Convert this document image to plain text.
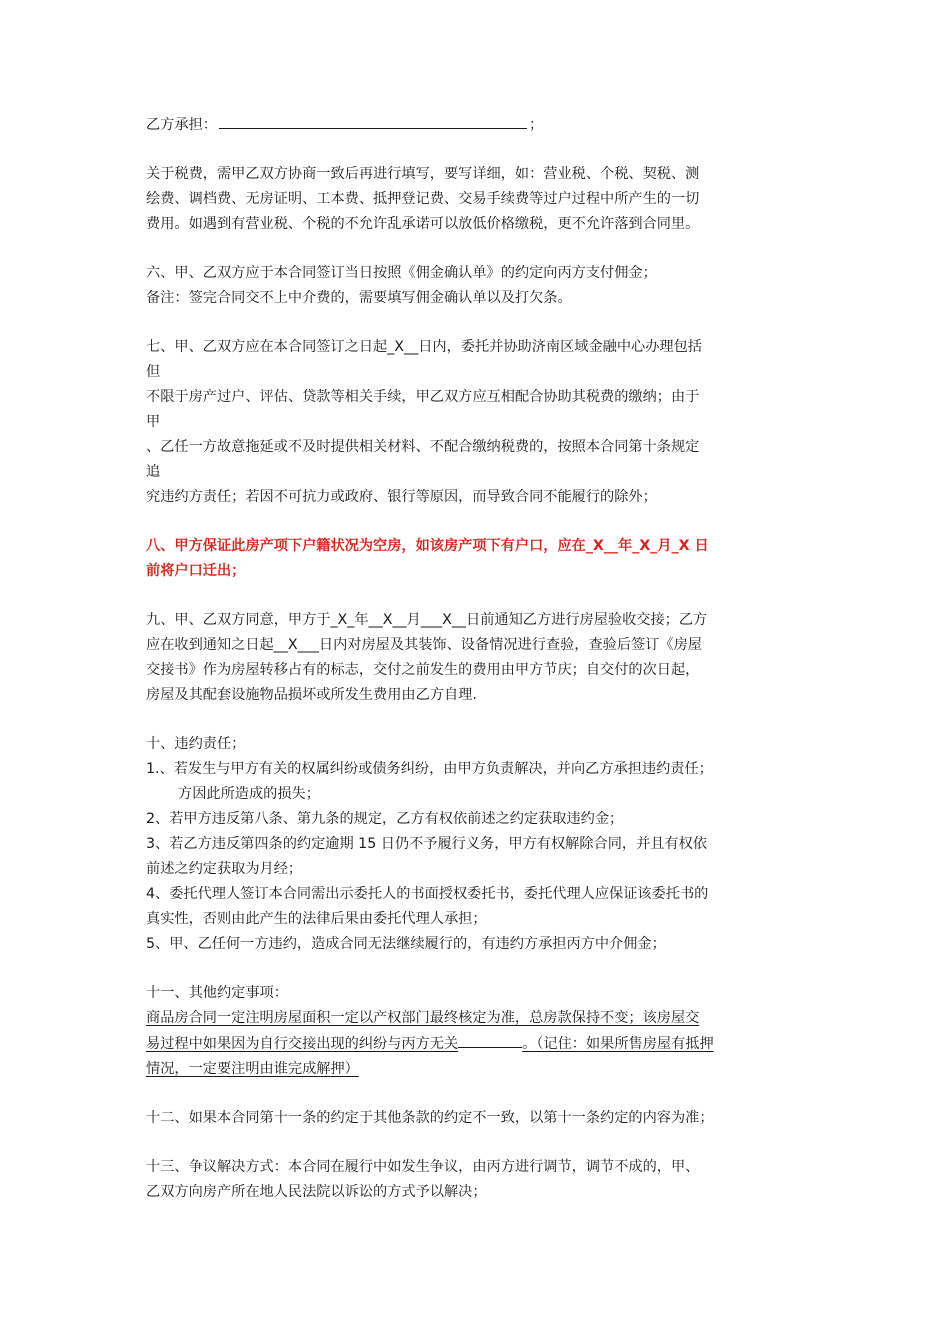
乙方承担：	；
关于税费，需甲乙双方协商一致后再进行填写，要写详细，如：营业税、个税、契税、测
绘费、调档费、无房证明、工本费、抵押登记费、交易手续费等过户过程中所产生的一切
费用。如遇到有营业税、个税的不允许乱承诺可以放低价格缴税，更不允许落到合同里。
六、甲、乙双方应于本合同签订当日按照《佣金确认单》的约定向丙方支付佣金；
备注：签完合同交不上中介费的，需要填写佣金确认单以及打欠条。
七、甲、乙双方应在本合同签订之日起_X__日内，委托并协助济南区域金融中心办理包括
但
不限于房产过户、评估、贷款等相关手续，甲乙双方应互相配合协助其税费的缴纳；由于
甲
、乙任一方故意拖延或不及时提供相关材料、不配合缴纳税费的，按照本合同第十条规定
追
究违约方责任；若因不可抗力或政府、银行等原因，而导致合同不能履行的除外；
八、甲方保证此房产项下户籍状况为空房，如该房产项下有户口，应在_X__年_X_月_X 日
前将户口迁出；
九、甲、乙双方同意，甲方于_X_年__X__月___X__日前通知乙方进行房屋验收交接；乙方
应在收到通知之日起__X___日内对房屋及其装饰、设备情况进行查验，查验后签订《房屋
交接书》作为房屋转移占有的标志，交付之前发生的费用由甲方节庆；自交付的次日起，
房屋及其配套设施物品损坏或所发生费用由乙方自理.
十、违约责任；
1.、若发生与甲方有关的权属纠纷或债务纠纷，由甲方负责解决，并向乙方承担违约责任；
方因此所造成的损失；
2、若甲方违反第八条、第九条的规定，乙方有权依前述之约定获取违约金；
3、若乙方违反第四条的约定逾期 15 日仍不予履行义务，甲方有权解除合同，并且有权依
前述之约定获取为月经；
4、委托代理人签订本合同需出示委托人的书面授权委托书，委托代理人应保证该委托书的
真实性，否则由此产生的法律后果由委托代理人承担；
5、甲、乙任何一方违约，造成合同无法继续履行的，有违约方承担丙方中介佣金；
十一、其他约定事项：
商品房合同一定注明房屋面积一定以产权部门最终核定为准，总房款保持不变；该房屋交
易过程中如果因为自行交接出现的纠纷与丙方无关	。（记住：如果所售房屋有抵押
情况，一定要注明由谁完成解押）
十二、如果本合同第十一条的约定于其他条款的约定不一致，以第十一条约定的内容为准；
十三、争议解决方式：本合同在履行中如发生争议，由丙方进行调节，调节不成的，甲、
乙双方向房产所在地人民法院以诉讼的方式予以解决；
